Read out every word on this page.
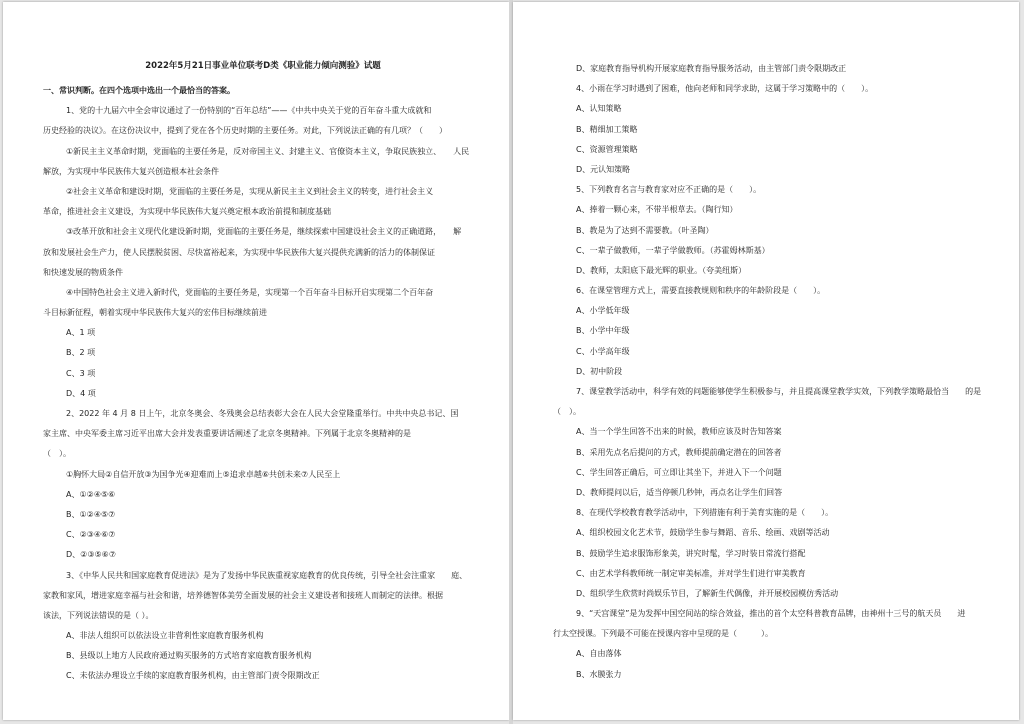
2022年5月21日事业单位联考D类《职业能力倾向测验》试题
一、常识判断。在四个选项中选出一个最恰当的答案。
1、党的十九届六中全会审议通过了一份特别的“百年总结”——《中共中央关于党的百年奋斗重大成就和
历史经验的决议》。在这份决议中，提到了党在各个历史时期的主要任务。对此，下列说法正确的有几项？（　　）
①新民主主义革命时期，党面临的主要任务是，反对帝国主义、封建主义、官僚资本主义，争取民族独立、　　人民
解放，为实现中华民族伟大复兴创造根本社会条件
②社会主义革命和建设时期，党面临的主要任务是，实现从新民主主义到社会主义的转变，进行社会主义
革命，推进社会主义建设，为实现中华民族伟大复兴奠定根本政治前提和制度基础
③改革开放和社会主义现代化建设新时期，党面临的主要任务是，继续探索中国建设社会主义的正确道路，　　解
放和发展社会生产力，使人民摆脱贫困、尽快富裕起来，为实现中华民族伟大复兴提供充满新的活力的体制保证
和快速发展的物质条件
④中国特色社会主义进入新时代，党面临的主要任务是，实现第一个百年奋斗目标开启实现第二个百年奋
斗目标新征程，朝着实现中华民族伟大复兴的宏伟目标继续前进
A、1 项
B、2 项
C、3 项
D、4 项
2、2022 年 4 月 8 日上午，北京冬奥会、冬残奥会总结表彰大会在人民大会堂隆重举行。中共中央总书记、国
家主席、中央军委主席习近平出席大会并发表重要讲话阐述了北京冬奥精神。下列属于北京冬奥精神的是
（　）。
①胸怀大局②自信开放③为国争光④迎难而上⑤追求卓越⑥共创未来⑦人民至上
A、①②④⑤⑥
B、①②④⑤⑦
C、②③④⑥⑦
D、②③⑤⑥⑦
3、《中华人民共和国家庭教育促进法》是为了发扬中华民族重视家庭教育的优良传统，引导全社会注重家　　庭、
家教和家风，增进家庭幸福与社会和谐，培养德智体美劳全面发展的社会主义建设者和接班人而制定的法律。根据
该法，下列说法错误的是（ ）。
A、非法人组织可以依法设立非营利性家庭教育服务机构
B、县级以上地方人民政府通过购买服务的方式培育家庭教育服务机构
C、未依法办理设立手续的家庭教育服务机构，由主管部门责令限期改正
D、家庭教育指导机构开展家庭教育指导服务活动，由主管部门责令限期改正
4、小雨在学习时遇到了困难，他向老师和同学求助，这属于学习策略中的（　　）。
A、认知策略
B、精细加工策略
C、资源管理策略
D、元认知策略
5、下列教育名言与教育家对应不正确的是（　　）。
A、捧着一颗心来，不带半根草去。（陶行知）
B、教是为了达到不需要教。（叶圣陶）
C、一辈子做教师，一辈子学做教师。（苏霍姆林斯基）
D、教师，太阳底下最光辉的职业。（夸美纽斯）
6、在课堂管理方式上，需要直接教规则和秩序的年龄阶段是（　　）。
A、小学低年级
B、小学中年级
C、小学高年级
D、初中阶段
7、课堂教学活动中，科学有效的问题能够使学生积极参与，并且提高课堂教学实效，下列教学策略最恰当　　的是
（　）。
A、当一个学生回答不出来的时候，教师应该及时告知答案
B、采用先点名后提问的方式，教师提前确定潜在的回答者
C、学生回答正确后，可立即让其坐下，并进入下一个问题
D、教师提问以后，适当停顿几秒钟，再点名让学生们回答
8、在现代学校教育教学活动中，下列措施有利于美育实施的是（　　）。
A、组织校园文化艺术节，鼓励学生参与舞蹈、音乐、绘画、戏剧等活动
B、鼓励学生追求服饰形象美，讲究时髦，学习时装日常流行搭配
C、由艺术学科教师统一制定审美标准，并对学生们进行审美教育
D、组织学生欣赏时尚娱乐节目，了解新生代偶像，并开展校园模仿秀活动
9、“天宫课堂”是为发挥中国空间站的综合效益，推出的首个太空科普教育品牌，由神州十三号的航天员　　进
行太空授课。下列最不可能在授课内容中呈现的是（　　　）。
A、自由落体
B、水膜张力
